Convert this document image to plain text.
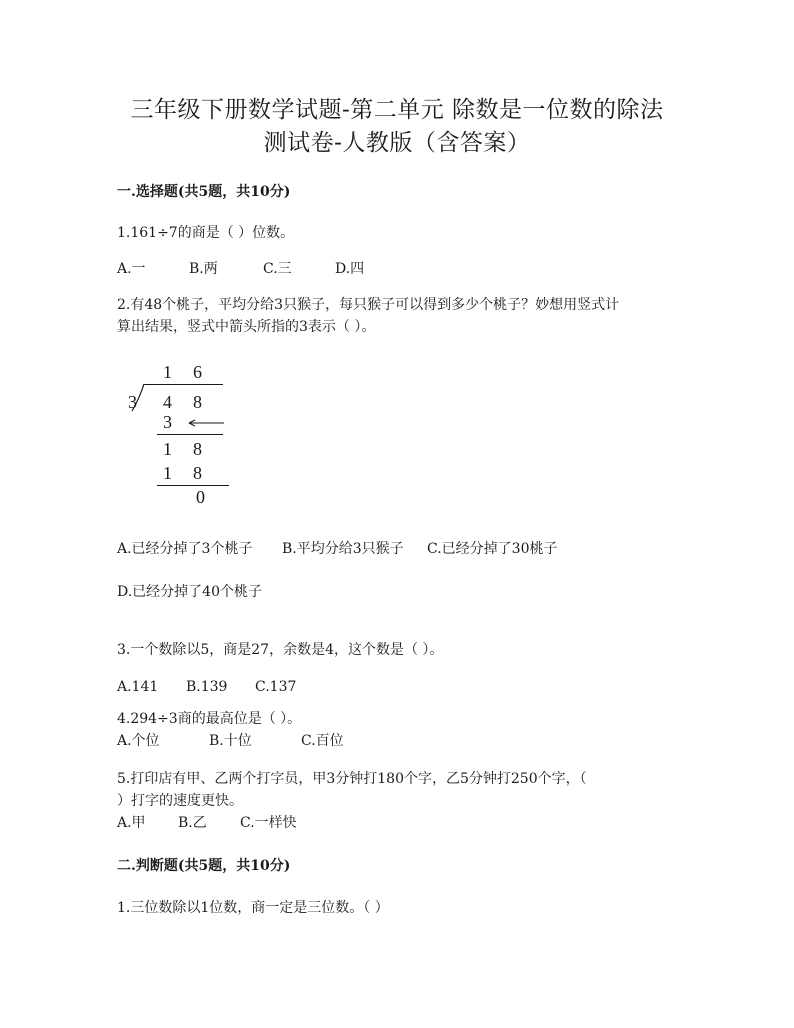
三年级下册数学试题-第二单元 除数是一位数的除法
测试卷-人教版（含答案）
一.选择题(共5题，共10分)
1.161÷7的商是（ ）位数。
A.一	B.两	C.三	D.四
2.有48个桃子，平均分给3只猴子，每只猴子可以得到多少个桃子？妙想用竖式计
算出结果，竖式中箭头所指的3表示（ ）。
1 6
3 4 8
3
1 8
1 8
0
A.已经分掉了3个桃子 B.平均分给3只猴子 C.已经分掉了30桃子
D.已经分掉了40个桃子
3.一个数除以5，商是27，余数是4，这个数是（ ）。
A.141 B.139 C.137
4.294÷3商的最高位是（ ）。
A.个位	B.十位	C.百位
5.打印店有甲、乙两个打字员，甲3分钟打180个字，乙5分钟打250个字，（
）打字的速度更快。
A.甲 B.乙 C.一样快
二.判断题(共5题，共10分)
1.三位数除以1位数，商一定是三位数。（ ）
